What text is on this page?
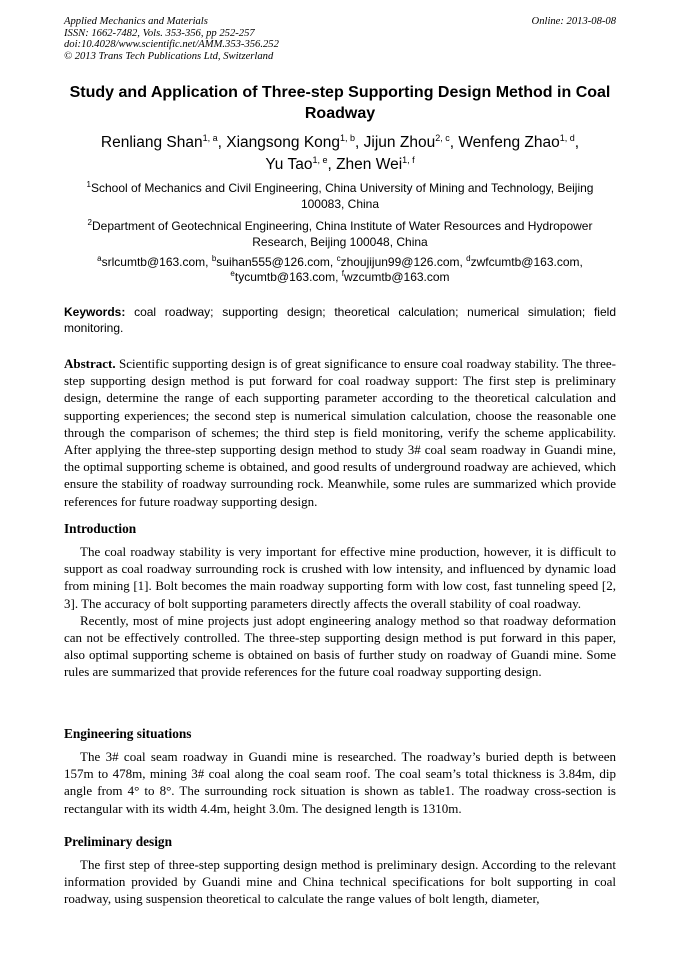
Applied Mechanics and Materials
ISSN: 1662-7482, Vols. 353-356, pp 252-257
doi:10.4028/www.scientific.net/AMM.353-356.252
© 2013 Trans Tech Publications Ltd, Switzerland
Online: 2013-08-08
Study and Application of Three-step Supporting Design Method in Coal Roadway
Renliang Shan$^{1, a}$, Xiangsong Kong$^{1, b}$, Jijun Zhou$^{2, c}$, Wenfeng Zhao$^{1, d}$,
Yu Tao$^{1, e}$, Zhen Wei$^{1, f}$
$^1$School of Mechanics and Civil Engineering, China University of Mining and Technology, Beijing 100083, China
$^2$Department of Geotechnical Engineering, China Institute of Water Resources and Hydropower Research, Beijing 100048, China
$^a$srlcumtb@163.com, $^b$suihan555@126.com, $^c$zhoujijun99@126.com, $^d$zwfcumtb@163.com,
$^e$tycumtb@163.com, $^f$wzcumtb@163.com
Keywords: coal roadway; supporting design; theoretical calculation; numerical simulation; field monitoring.

Abstract. Scientific supporting design is of great significance to ensure coal roadway stability. The three-step supporting design method is put forward for coal roadway support: The first step is preliminary design, determine the range of each supporting parameter according to the theoretical calculation and supporting experiences; the second step is numerical simulation calculation, choose the reasonable one through the comparison of schemes; the third step is field monitoring, verify the scheme applicability. After applying the three-step supporting design method to study 3# coal seam roadway in Guandi mine, the optimal supporting scheme is obtained, and good results of underground roadway are achieved, which ensure the stability of roadway surrounding rock. Meanwhile, some rules are summarized which provide references for future roadway supporting design.

Introduction

The coal roadway stability is very important for effective mine production, however, it is difficult to support as coal roadway surrounding rock is crushed with low intensity, and influenced by dynamic load from mining [1]. Bolt becomes the main roadway supporting form with low cost, fast tunneling speed [2, 3]. The accuracy of bolt supporting parameters directly affects the overall stability of coal roadway.

Recently, most of mine projects just adopt engineering analogy method so that roadway deformation can not be effectively controlled. The three-step supporting design method is put forward in this paper, also optimal supporting scheme is obtained on basis of further study on roadway of Guandi mine. Some rules are summarized that provide references for the future coal roadway supporting design.

Engineering situations

The 3# coal seam roadway in Guandi mine is researched. The roadway’s buried depth is between 157m to 478m, mining 3# coal along the coal seam roof. The coal seam’s total thickness is 3.84m, dip angle from 4° to 8°. The surrounding rock situation is shown as table1. The roadway cross-section is rectangular with its width 4.4m, height 3.0m. The designed length is 1310m.

Preliminary design

The first step of three-step supporting design method is preliminary design. According to the relevant information provided by Guandi mine and China technical specifications for bolt supporting in coal roadway, using suspension theoretical to calculate the range values of bolt length, diameter,
